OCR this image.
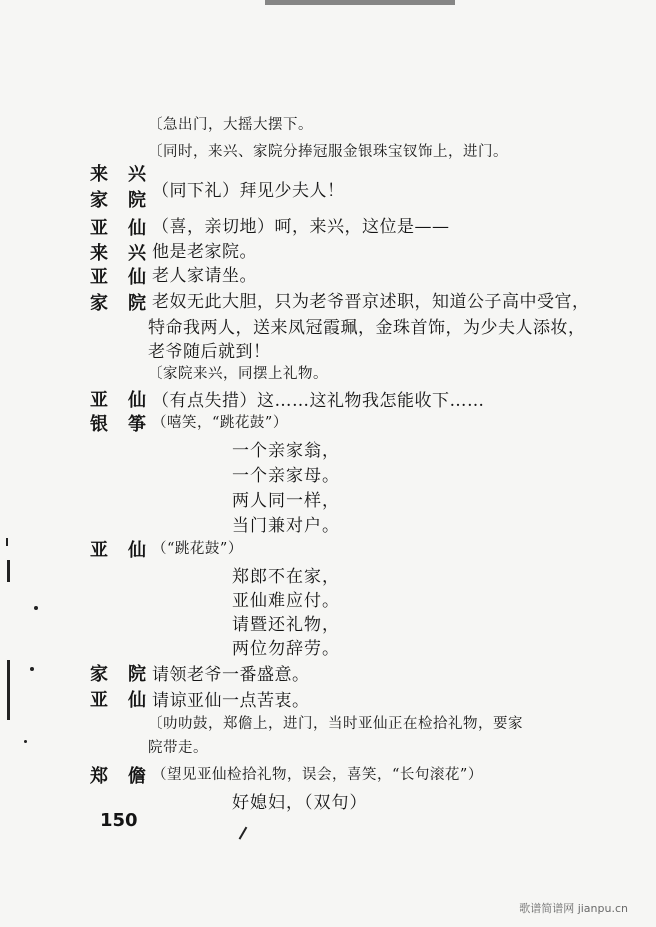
〔急出门，大摇大摆下。
〔同时，来兴、家院分捧冠服金银珠宝钗饰上，进门。
来 兴
家 院 （同下礼）拜见少夫人！
亚 仙 （喜，亲切地）呵，来兴，这位是——
来 兴 他是老家院。
亚 仙 老人家请坐。
家 院 老奴无此大胆，只为老爷晋京述职，知道公子高中受官，
特命我两人，送来凤冠霞珮，金珠首饰，为少夫人添妆，
老爷随后就到！
〔家院来兴，同摆上礼物。
亚 仙 （有点失措）这……这礼物我怎能收下……
银 筝 （嘻笑，“跳花鼓”）
一个亲家翁，
一个亲家母。
两人同一样，
当门兼对户。
亚 仙 （“跳花鼓”）
郑郎不在家，
亚仙难应付。
请暨还礼物，
两位勿辞劳。
家 院 请领老爷一番盛意。
亚 仙 请谅亚仙一点苦衷。
〔叻叻鼓，郑儋上，进门，当时亚仙正在检拾礼物，要家
院带走。
郑 儋 （望见亚仙检拾礼物，误会，喜笑，“长句滚花”）
好媳妇，（双句）
150
歌谱简谱网 jianpu.cn
